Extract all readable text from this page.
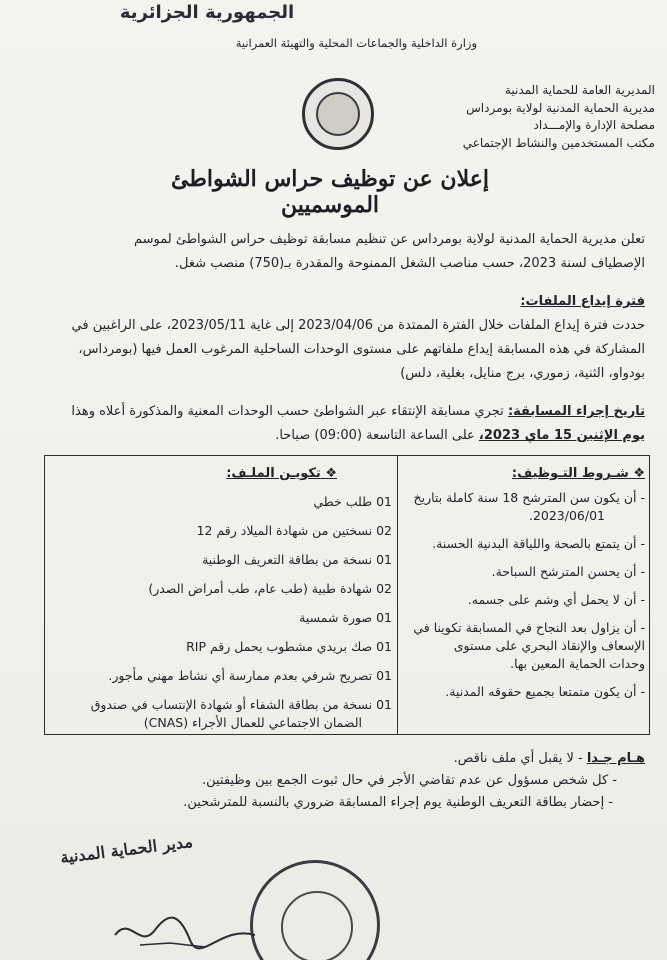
الجمهورية الجزائرية
وزارة الداخلية والجماعات المحلية والتهيئة العمرانية
المديرية العامة للحماية المدنية
مديرية الحماية المدنية لولاية بومرداس
مصلحة الإدارة والإمـــداد
مكتب المستخدمين والنشاط الإجتماعي
إعلان عن توظيف حراس الشواطئ الموسميين
تعلن مديرية الحماية المدنية لولاية بومرداس عن تنظيم مسابقة توظيف حراس الشواطئ لموسم
الإصطياف لسنة 2023، حسب مناصب الشغل الممنوحة والمقدرة بـ(750) منصب شغل.
فترة إيداع الملفات:
حددت فترة إيداع الملفات خلال الفترة الممتدة من 2023/04/06 إلى غاية 2023/05/11، على الراغبين في
المشاركة في هذه المسابقة إيداع ملفاتهم على مستوى الوحدات الساحلية المرغوب العمل فيها (بومرداس،
بودواو، الثنية، زموري، برج منايل، بغلية، دلس)
تاريخ إجراء المسابقة: تجري مسابقة الإنتقاء عبر الشواطئ حسب الوحدات المعنية والمذكورة أعلاه وهذا
يوم الإثنين 15 ماي 2023، على الساعة التاسعة (09:00) صباحا.
❖ شـروط التـوظيف:
- أن يكون سن المترشح 18 سنة كاملة بتاريخ
2023/06/01.
- أن يتمتع بالصحة واللياقة البدنية الحسنة.
- أن يحسن المترشح السباحة.
- أن لا يحمل أي وشم على جسمه.
- أن يزاول بعد النجاح في المسابقة تكوينا في
الإسعاف والإنقاذ البحري على مستوى
وحدات الحماية المعين بها.
- أن يكون متمتعا بجميع حقوقه المدنية.
❖ تكويـن الملـف:
01 طلب خطي
02 نسختين من شهادة الميلاد رقم 12
01 نسخة من بطاقة التعريف الوطنية
02 شهادة طبية (طب عام، طب أمراض الصدر)
01 صورة شمسية
01 صك بريدي مشطوب يحمل رقم RIP
01 تصريح شرفي بعدم ممارسة أي نشاط مهني مأجور.
01 نسخة من بطاقة الشفاء أو شهادة الإنتساب في صندوق
الضمان الاجتماعي للعمال الأجراء (CNAS)
هـام جـدا - لا يقبل أي ملف ناقص.
- كل شخص مسؤول عن عدم تقاضي الأجر في حال ثبوت الجمع بين وظيفتين.
- إحضار بطاقة التعريف الوطنية يوم إجراء المسابقة ضروري بالنسبة للمترشحين.
مدير الحماية المدنية
